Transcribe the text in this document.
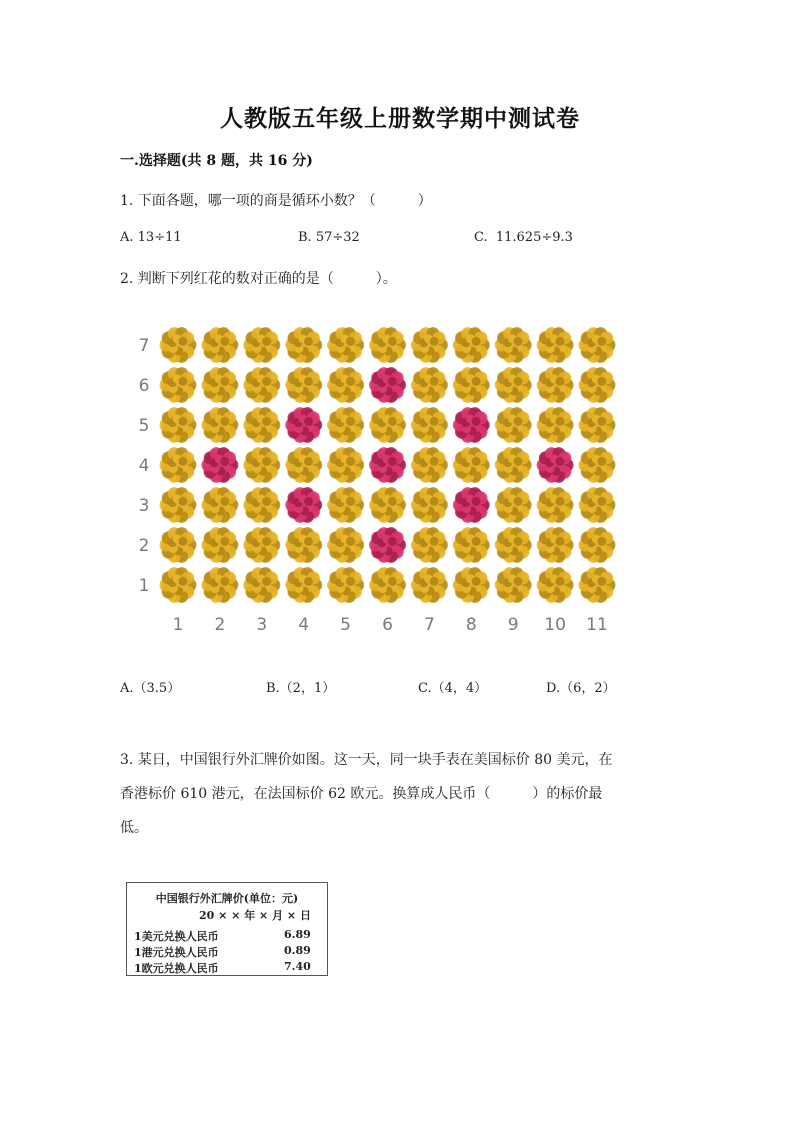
人教版五年级上册数学期中测试卷
一.选择题(共 8 题，共 16 分)
1. 下面各题，哪一项的商是循环小数？（　　　）
A. 13÷11	B. 57÷32	C.  11.625÷9.3
2. 判断下列红花的数对正确的是（　　　）。
7
6
5
4
3
2
1
1 2 3 4 5 6 7 8 9 10 11
A.（3.5）	B.（2，1）	C.（4，4）	D.（6，2）
3. 某日，中国银行外汇牌价如图。这一天，同一块手表在美国标价 80 美元，在
香港标价 610 港元，在法国标价 62 欧元。换算成人民币（　　　）的标价最
低。
中国银行外汇牌价(单位：元)
20 × × 年 × 月 × 日
1美元兑换人民币	6.89
1港元兑换人民币	0.89
1欧元兑换人民币	7.40
